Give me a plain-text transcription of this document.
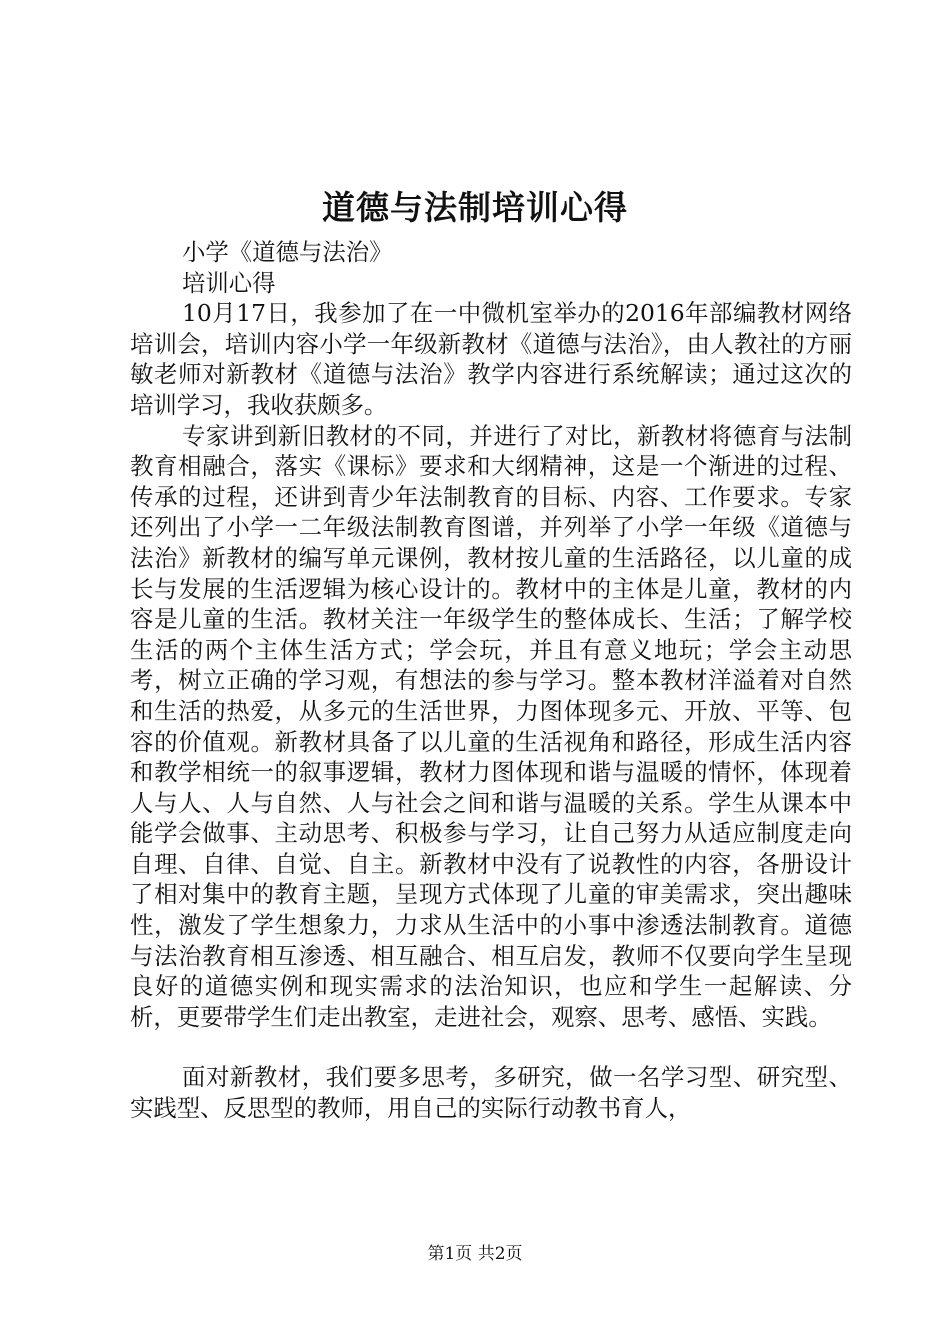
道德与法制培训心得

小学《道德与法治》

培训心得

10月17日，我参加了在一中微机室举办的2016年部编教材网络培训会，培训内容小学一年级新教材《道德与法治》，由人教社的方丽敏老师对新教材《道德与法治》教学内容进行系统解读；通过这次的培训学习，我收获颇多。

专家讲到新旧教材的不同，并进行了对比，新教材将德育与法制教育相融合，落实《课标》要求和大纲精神，这是一个渐进的过程、传承的过程，还讲到青少年法制教育的目标、内容、工作要求。专家还列出了小学一二年级法制教育图谱，并列举了小学一年级《道德与法治》新教材的编写单元课例，教材按儿童的生活路径，以儿童的成长与发展的生活逻辑为核心设计的。教材中的主体是儿童，教材的内容是儿童的生活。教材关注一年级学生的整体成长、生活；了解学校生活的两个主体生活方式；学会玩，并且有意义地玩；学会主动思考，树立正确的学习观，有想法的参与学习。整本教材洋溢着对自然和生活的热爱，从多元的生活世界，力图体现多元、开放、平等、包容的价值观。新教材具备了以儿童的生活视角和路径，形成生活内容和教学相统一的叙事逻辑，教材力图体现和谐与温暖的情怀，体现着人与人、人与自然、人与社会之间和谐与温暖的关系。学生从课本中能学会做事、主动思考、积极参与学习，让自己努力从适应制度走向自理、自律、自觉、自主。新教材中没有了说教性的内容，各册设计了相对集中的教育主题，呈现方式体现了儿童的审美需求，突出趣味性，激发了学生想象力，力求从生活中的小事中渗透法制教育。道德与法治教育相互渗透、相互融合、相互启发，教师不仅要向学生呈现良好的道德实例和现实需求的法治知识，也应和学生一起解读、分析，更要带学生们走出教室，走进社会，观察、思考、感悟、实践。

面对新教材，我们要多思考，多研究，做一名学习型、研究型、实践型、反思型的教师，用自己的实际行动教书育人，

第1页 共2页
